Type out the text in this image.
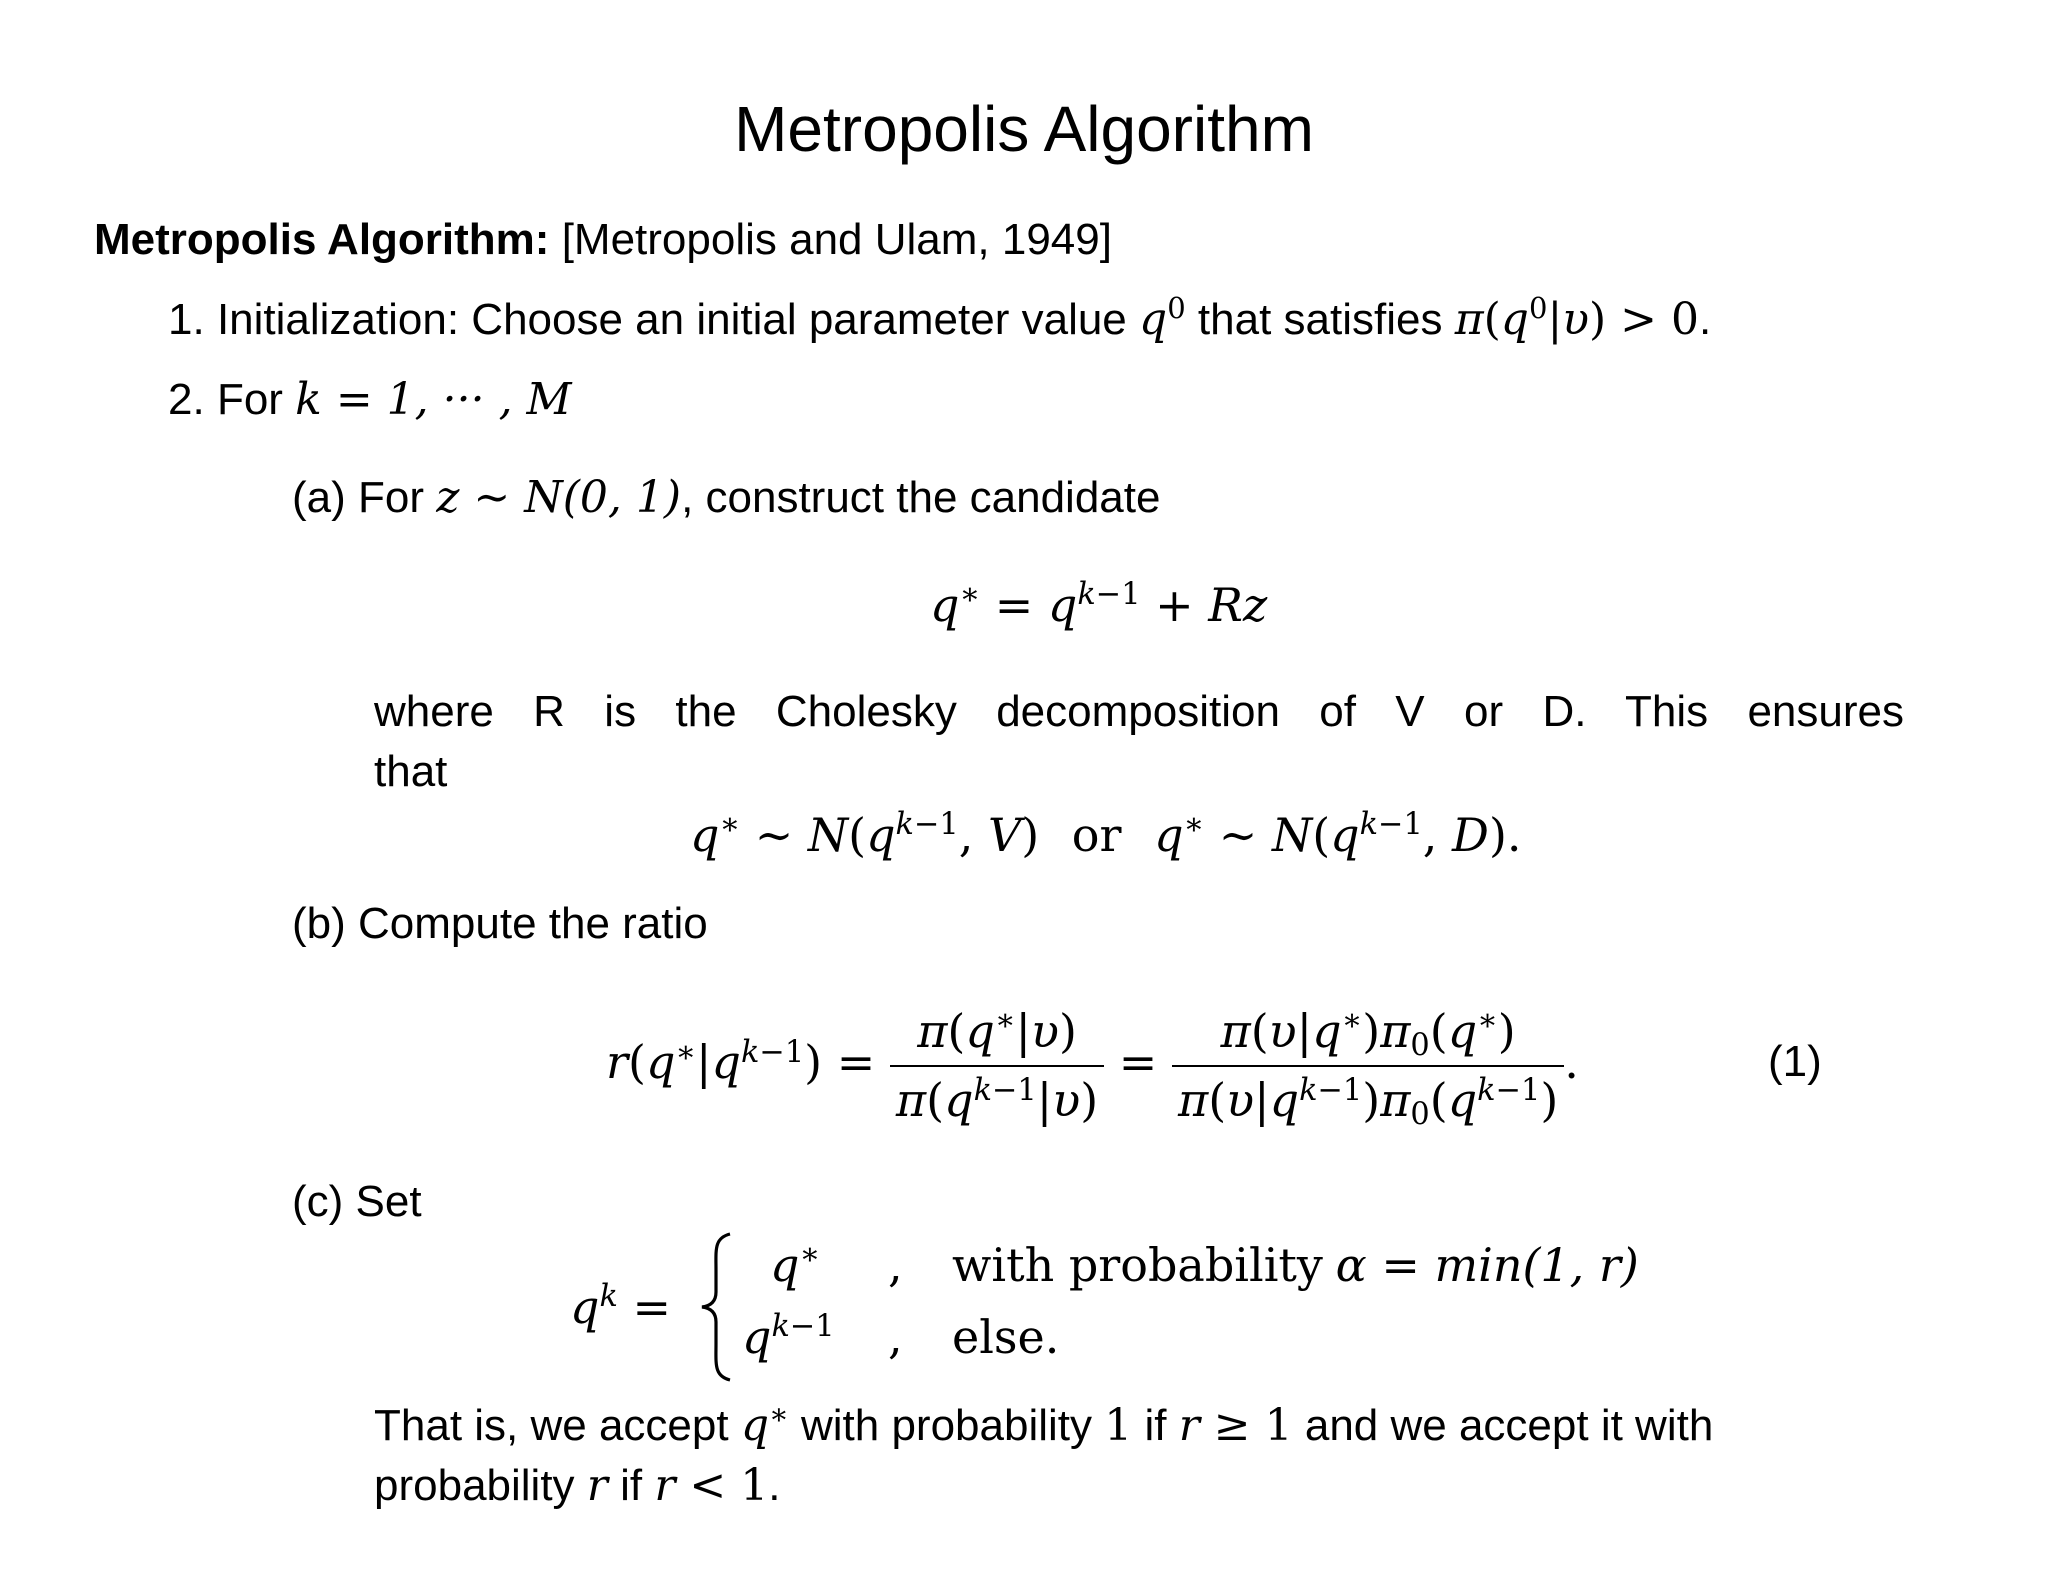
Metropolis Algorithm
Metropolis Algorithm: [Metropolis and Ulam, 1949]
1. Initialization: Choose an initial parameter value $q^0$ that satisfies $\pi(q^0|\upsilon) > 0$.
2. For k = 1, ··· , M
(a) For z ∼ N(0, 1), construct the candidate
$q^∗ = q^{k-1} + Rz$
where R is the Cholesky decomposition of V or D. This ensures
that
q∗ ∼ $N(q^{k-1}$, V) or q∗ ∼ $N(q^{k-1}$, D).
(b) Compute the ratio
$r(q^∗|q^{k-1}) = \frac{\pi(q^∗|\upsilon)}{\pi(q^{k-1}|\upsilon)} = \frac{\pi(\upsilon|q^∗)\pi_0(q^∗)}{\pi(\upsilon|q^{k-1})\pi_0(q^{k-1})}$ .	(1)
(c) Set
$q^k$ =
q∗ , with probability α = min(1, r)
$q^{k-1}$ , else.
That is, we accept q∗ with probability 1 if r ≥ 1 and we accept it with
probability r if r < 1.
